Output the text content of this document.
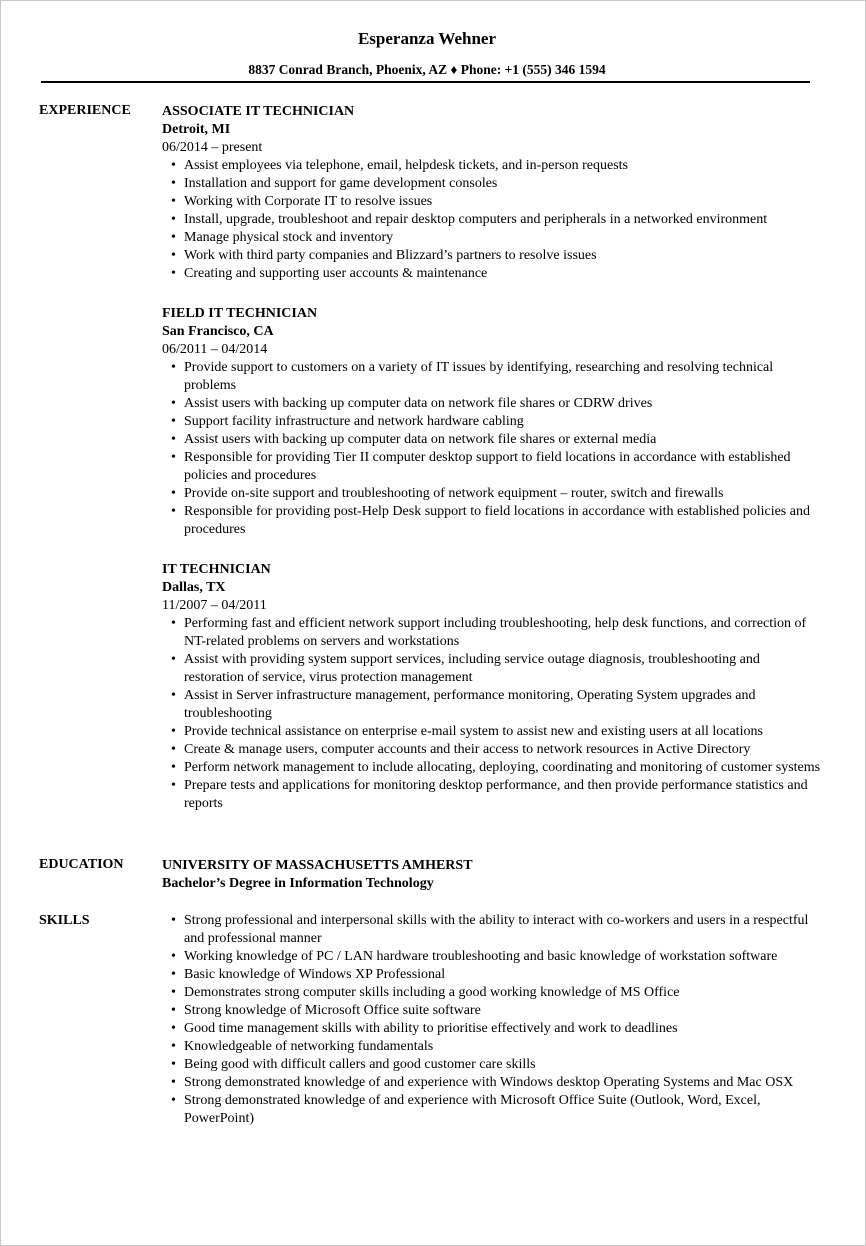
Esperanza Wehner
8837 Conrad Branch, Phoenix, AZ ♦ Phone: +1 (555) 346 1594
EXPERIENCE ASSOCIATE IT TECHNICIAN
Detroit, MI
06/2014 – present
• Assist employees via telephone, email, helpdesk tickets, and in-person requests
• Installation and support for game development consoles
• Working with Corporate IT to resolve issues
• Install, upgrade, troubleshoot and repair desktop computers and peripherals in a networked environment
• Manage physical stock and inventory
• Work with third party companies and Blizzard’s partners to resolve issues
• Creating and supporting user accounts & maintenance
FIELD IT TECHNICIAN
San Francisco, CA
06/2011 – 04/2014
• Provide support to customers on a variety of IT issues by identifying, researching and resolving technical problems
• Assist users with backing up computer data on network file shares or CDRW drives
• Support facility infrastructure and network hardware cabling
• Assist users with backing up computer data on network file shares or external media
• Responsible for providing Tier II computer desktop support to field locations in accordance with established policies and procedures
• Provide on-site support and troubleshooting of network equipment – router, switch and firewalls
• Responsible for providing post-Help Desk support to field locations in accordance with established policies and procedures
IT TECHNICIAN
Dallas, TX
11/2007 – 04/2011
• Performing fast and efficient network support including troubleshooting, help desk functions, and correction of NT-related problems on servers and workstations
• Assist with providing system support services, including service outage diagnosis, troubleshooting and restoration of service, virus protection management
• Assist in Server infrastructure management, performance monitoring, Operating System upgrades and troubleshooting
• Provide technical assistance on enterprise e-mail system to assist new and existing users at all locations
• Create & manage users, computer accounts and their access to network resources in Active Directory
• Perform network management to include allocating, deploying, coordinating and monitoring of customer systems
• Prepare tests and applications for monitoring desktop performance, and then provide performance statistics and reports
EDUCATION	UNIVERSITY OF MASSACHUSETTS AMHERST
Bachelor’s Degree in Information Technology
SKILLS
•	Strong professional and interpersonal skills with the ability to interact with co-workers and users in a respectful and professional manner
• Working knowledge of PC / LAN hardware troubleshooting and basic knowledge of workstation software
• Basic knowledge of Windows XP Professional
• Demonstrates strong computer skills including a good working knowledge of MS Office
• Strong knowledge of Microsoft Office suite software
• Good time management skills with ability to prioritise effectively and work to deadlines
• Knowledgeable of networking fundamentals
• Being good with difficult callers and good customer care skills
• Strong demonstrated knowledge of and experience with Windows desktop Operating Systems and Mac OSX
• Strong demonstrated knowledge of and experience with Microsoft Office Suite (Outlook, Word, Excel, PowerPoint)
